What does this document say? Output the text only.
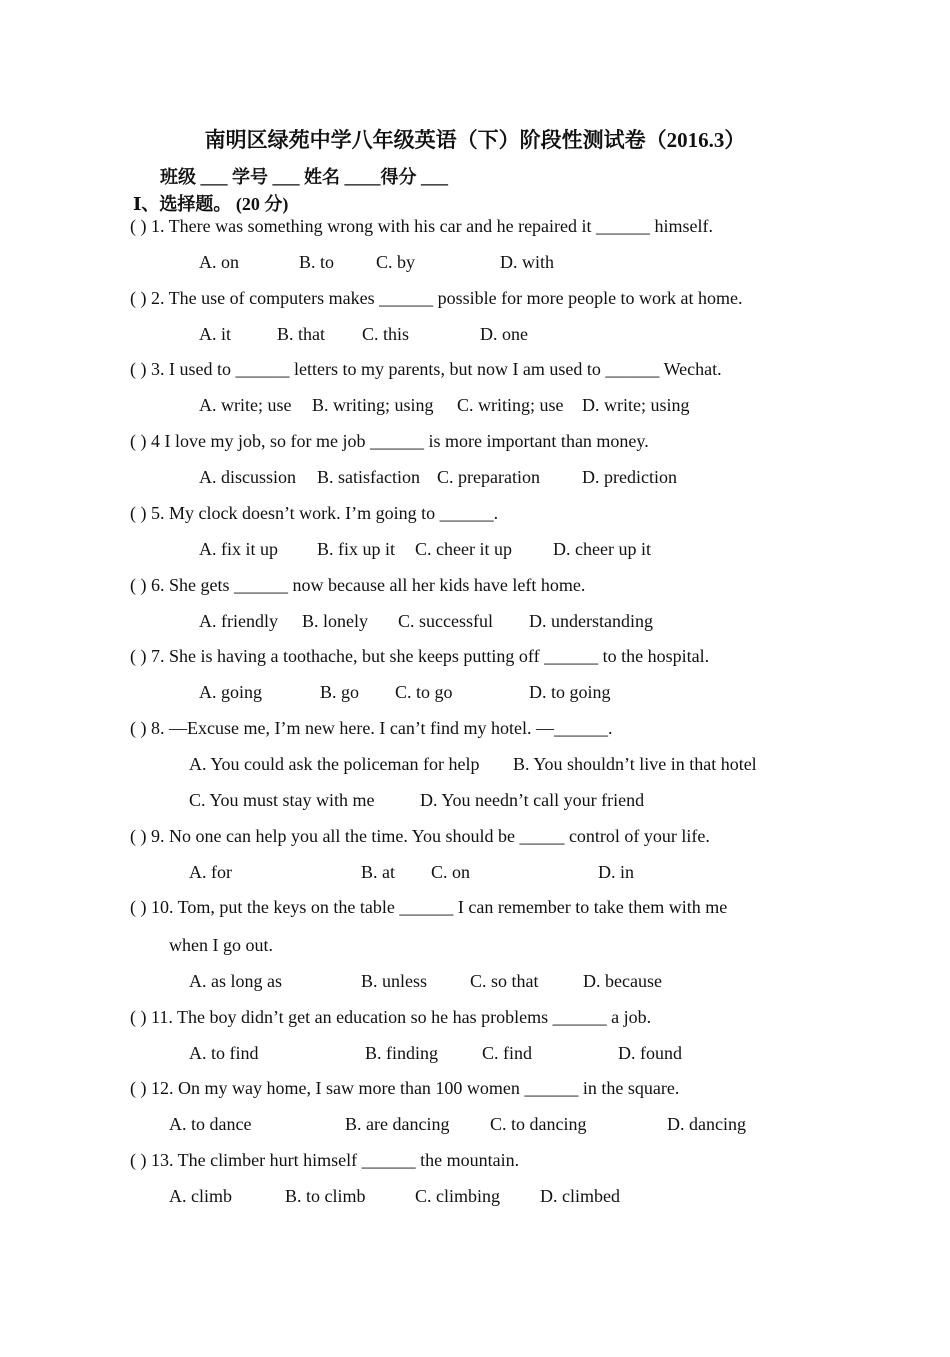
南明区绿苑中学八年级英语（下）阶段性测试卷（2016.3）
班级 ___ 学号 ___ 姓名 ____得分 ___
Ⅰ、选择题。 (20 分)
( ) 1. There was something wrong with his car and he repaired it ______ himself.
A. on	B. to C. by	D. with
( ) 2. The use of computers makes ______ possible for more people to work at home.
A. it	B. that C. this	D. one
( ) 3. I used to ______ letters to my parents, but now I am used to ______ Wechat.
A. write; use B. writing; using C. writing; use D. write; using
( ) 4 I love my job, so for me job ______ is more important than money.
A. discussion B. satisfaction C. preparation D. prediction
( ) 5. My clock doesn’t work. I’m going to ______.
A. fix it up B. fix up it C. cheer it up D. cheer up it
( ) 6. She gets ______ now because all her kids have left home.
A. friendly B. lonely C. successful D. understanding
( ) 7. She is having a toothache, but she keeps putting off ______ to the hospital.
A. going	B. go C. to go	D. to going
( ) 8. —Excuse me, I’m new here. I can’t find my hotel. —______.
A. You could ask the policeman for help B. You shouldn’t live in that hotel
C. You must stay with me	D. You needn’t call your friend
( ) 9. No one can help you all the time. You should be _____ control of your life.
A. for	B. at C. on	D. in
( ) 10. Tom, put the keys on the table ______ I can remember to take them with me
when I go out.
A. as long as	B. unless C. so that D. because
( ) 11. The boy didn’t get an education so he has problems ______ a job.
A. to find	B. finding C. find	D. found
( ) 12. On my way home, I saw more than 100 women ______ in the square.
A. to dance	B. are dancing C. to dancing	D. dancing
( ) 13. The climber hurt himself ______ the mountain.
A. climb	B. to climb	C. climbing D. climbed
